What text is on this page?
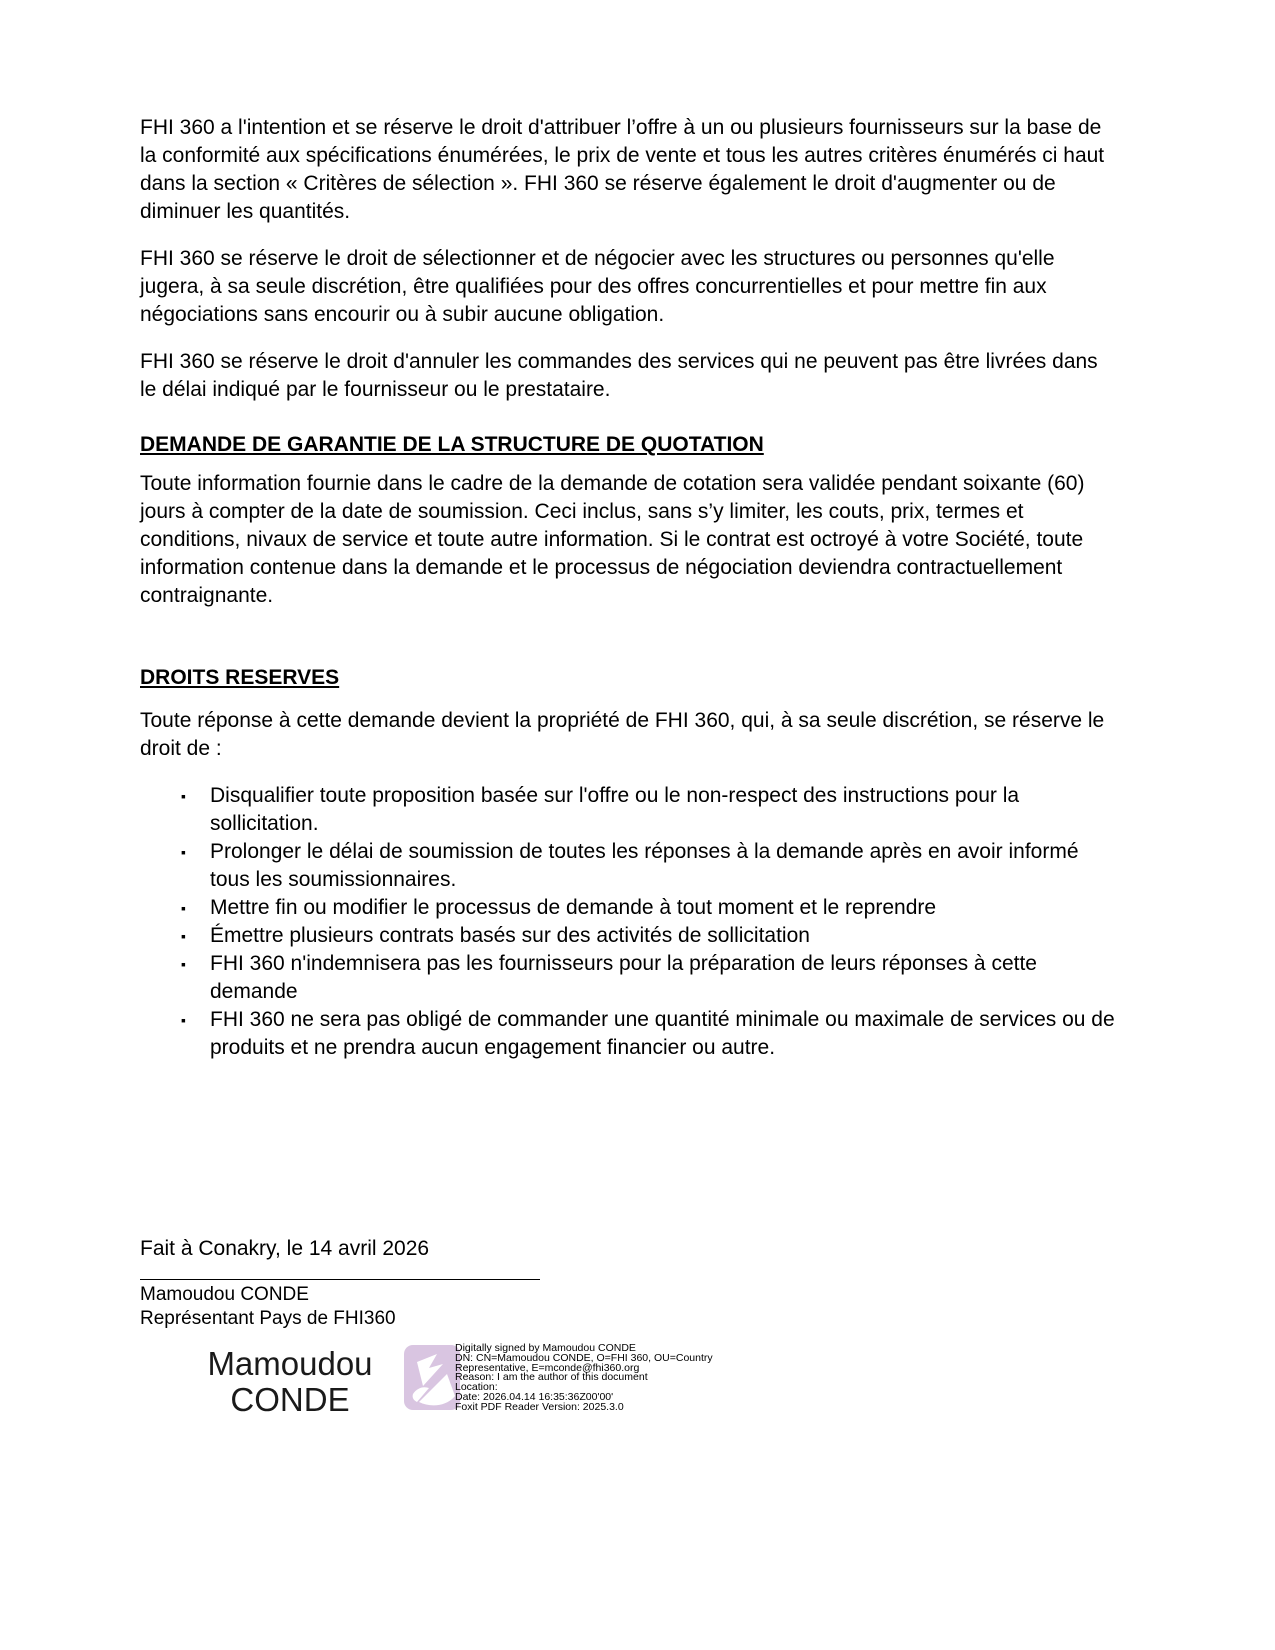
FHI 360 a l'intention et se réserve le droit d'attribuer l’offre à un ou plusieurs fournisseurs sur la base de la conformité aux spécifications énumérées, le prix de vente et tous les autres critères énumérés ci haut dans la section « Critères de sélection ». FHI 360 se réserve également le droit d'augmenter ou de diminuer les quantités.

FHI 360 se réserve le droit de sélectionner et de négocier avec les structures ou personnes qu'elle jugera, à sa seule discrétion, être qualifiées pour des offres concurrentielles et pour mettre fin aux négociations sans encourir ou à subir aucune obligation.

FHI 360 se réserve le droit d'annuler les commandes des services qui ne peuvent pas être livrées dans le délai indiqué par le fournisseur ou le prestataire.

DEMANDE DE GARANTIE DE LA STRUCTURE DE QUOTATION

Toute information fournie dans le cadre de la demande de cotation sera validée pendant soixante (60) jours à compter de la date de soumission. Ceci inclus, sans s’y limiter, les couts, prix, termes et conditions, nivaux de service et toute autre information. Si le contrat est octroyé à votre Société, toute information contenue dans la demande et le processus de négociation deviendra contractuellement contraignante.

DROITS RESERVES

Toute réponse à cette demande devient la propriété de FHI 360, qui, à sa seule discrétion, se réserve le droit de :

▪ Disqualifier toute proposition basée sur l'offre ou le non-respect des instructions pour la sollicitation.
▪ Prolonger le délai de soumission de toutes les réponses à la demande après en avoir informé tous les soumissionnaires.
▪ Mettre fin ou modifier le processus de demande à tout moment et le reprendre
▪ Émettre plusieurs contrats basés sur des activités de sollicitation
▪ FHI 360 n'indemnisera pas les fournisseurs pour la préparation de leurs réponses à cette demande
▪ FHI 360 ne sera pas obligé de commander une quantité minimale ou maximale de services ou de produits et ne prendra aucun engagement financier ou autre.

Fait à Conakry, le 14 avril 2026

Mamoudou CONDE
Représentant Pays de FHI360
Mamoudou CONDE
Digitally signed by Mamoudou CONDE
DN: CN=Mamoudou CONDE, O=FHI 360, OU=Country
Representative, E=mconde@fhi360.org
Reason: I am the author of this document
Location:
Date: 2026.04.14 16:35:36Z00'00'
Foxit PDF Reader Version: 2025.3.0
